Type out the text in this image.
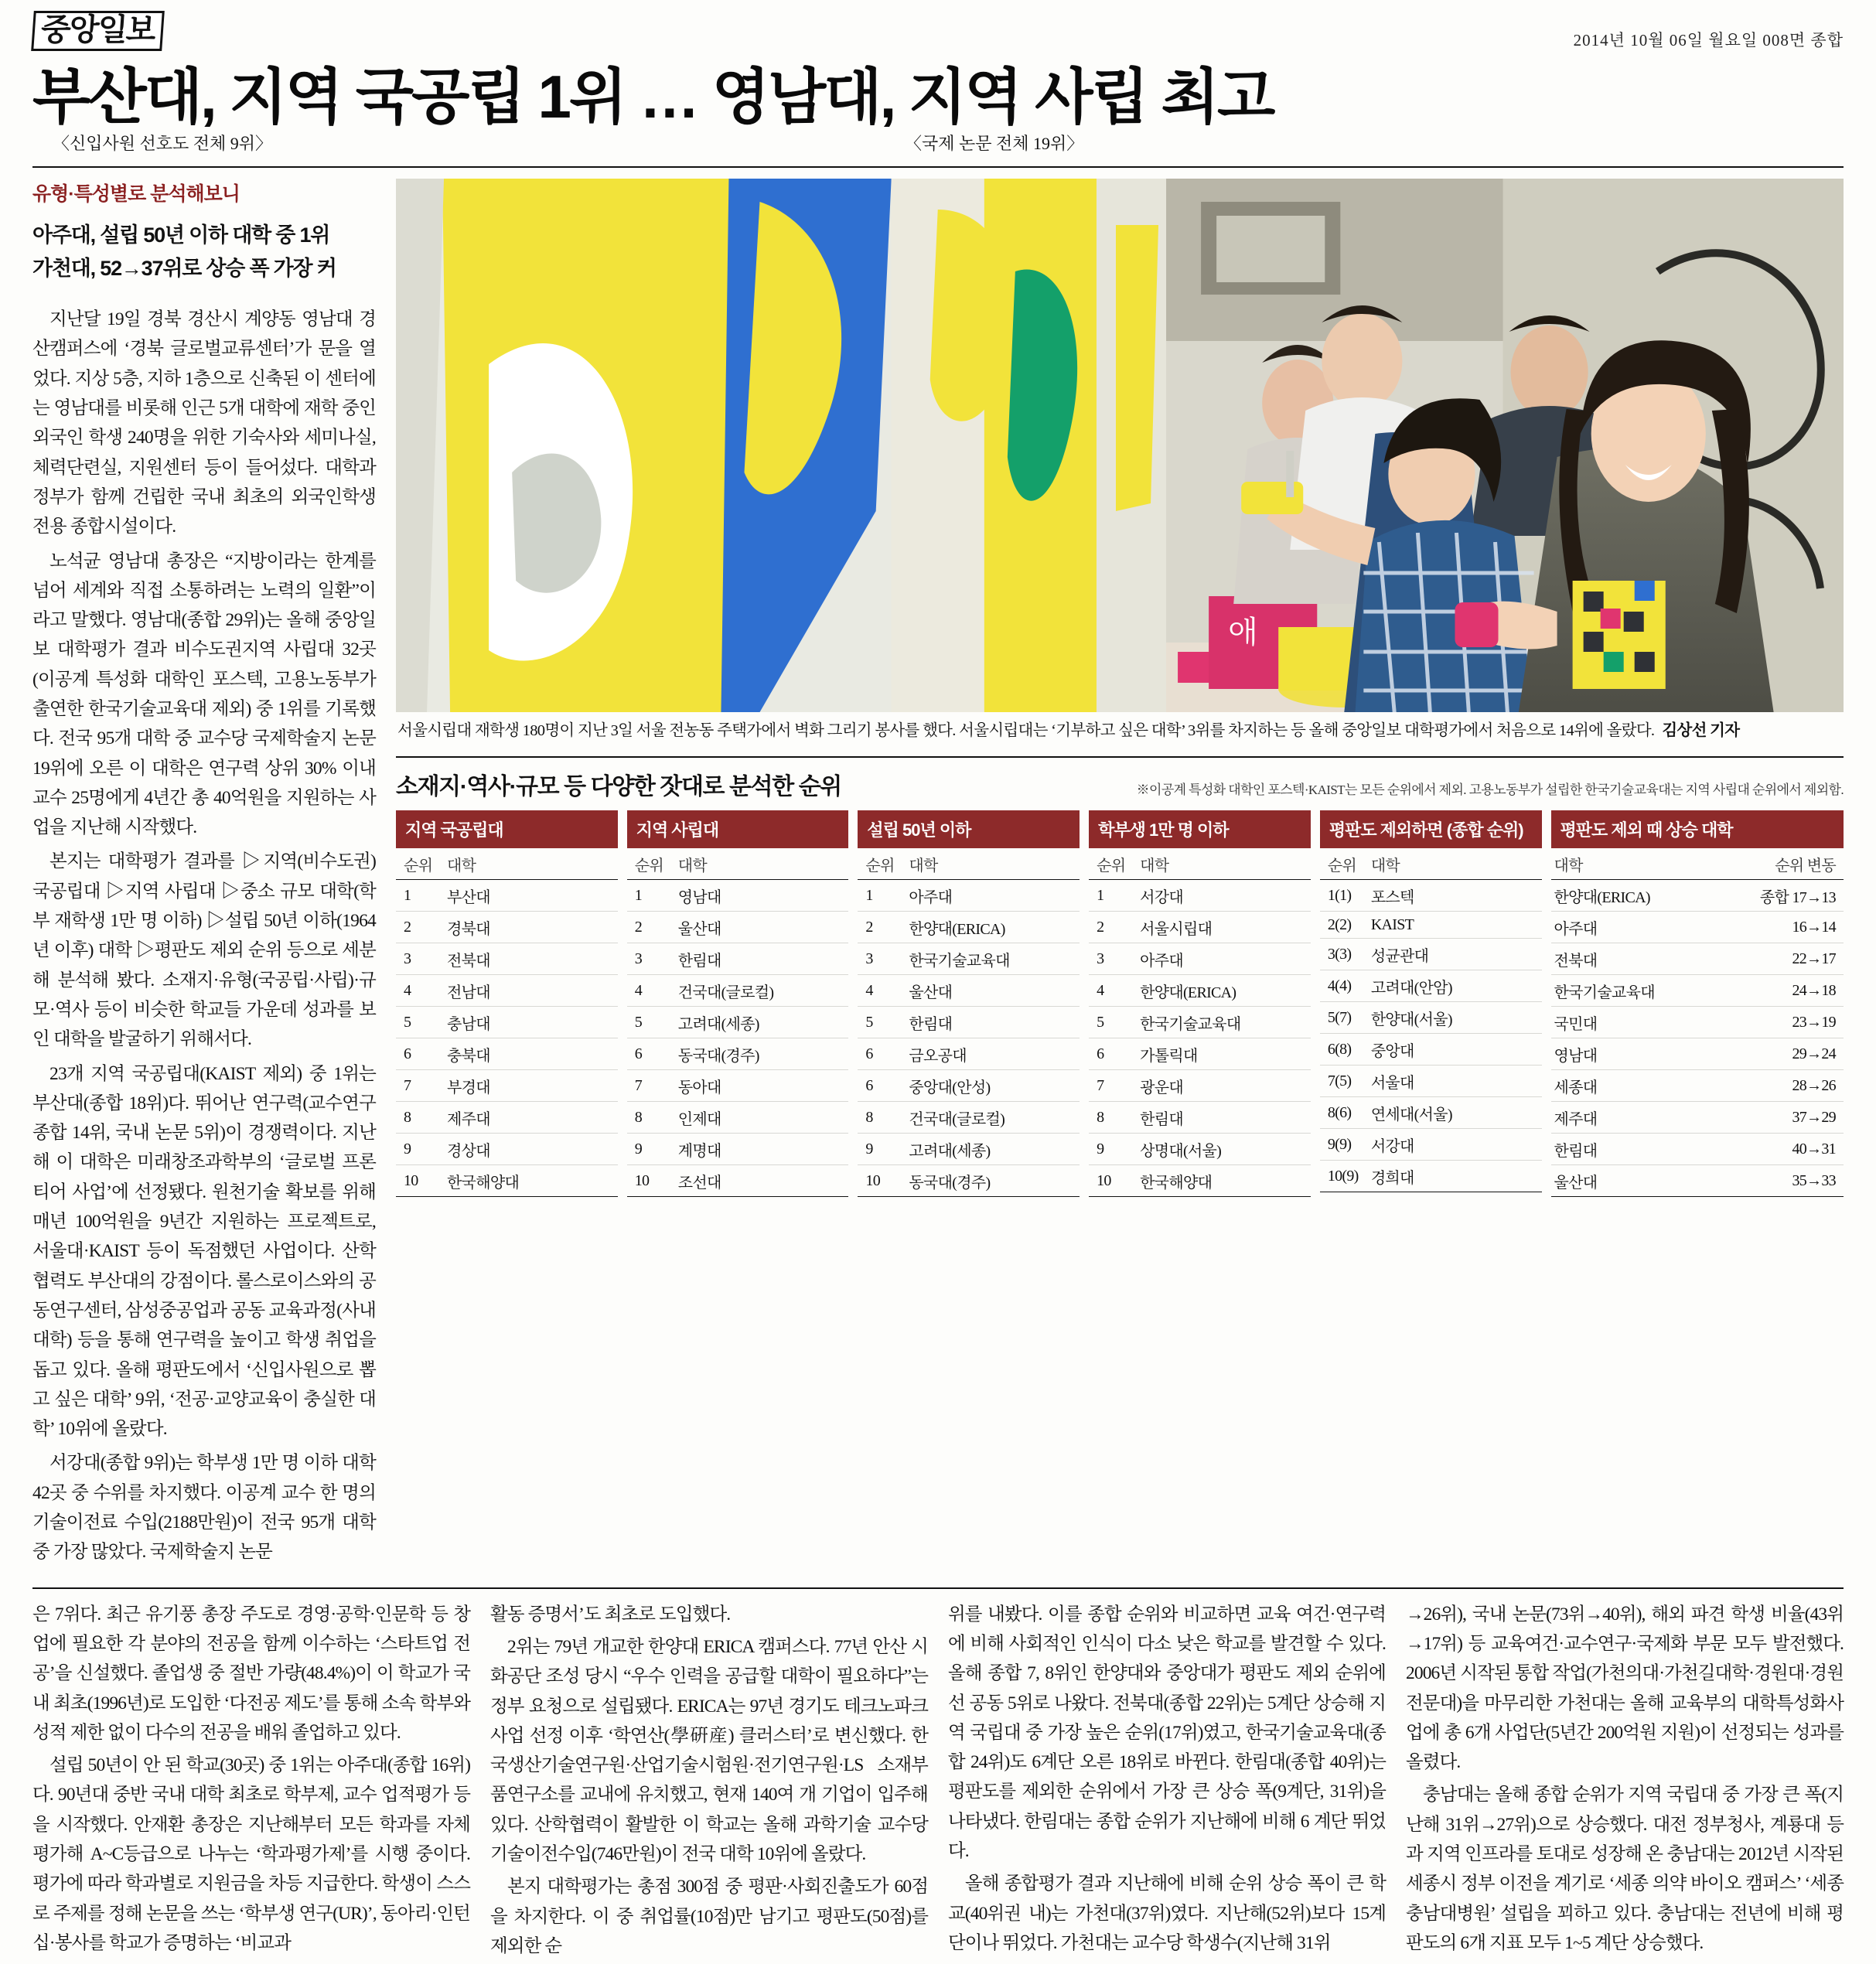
중앙일보	2014년 10월 06일 월요일 008면 종합
부산대, 지역 국공립 1위 … 영남대, 지역 사립 최고
〈신입사원 선호도 전체 9위〉	〈국제 논문 전체 19위〉
유형·특성별로 분석해보니
아주대, 설립 50년 이하 대학 중 1위
가천대, 52→37위로 상승 폭 가장 커

지난달 19일 경북 경산시 계양동 영남대 경산캠퍼스에 ‘경북 글로벌교류센터’가 문을 열었다. 지상 5층, 지하 1층으로 신축된 이 센터에는 영남대를 비롯해 인근 5개 대학에 재학 중인 외국인 학생 240명을 위한 기숙사와 세미나실, 체력단련실, 지원센터 등이 들어섰다. 대학과 정부가 함께 건립한 국내 최초의 외국인학생 전용 종합시설이다.

노석균 영남대 총장은 “지방이라는 한계를 넘어 세계와 직접 소통하려는 노력의 일환”이라고 말했다. 영남대(종합 29위)는 올해 중앙일보 대학평가 결과 비수도권지역 사립대 32곳(이공계 특성화 대학인 포스텍, 고용노동부가 출연한 한국기술교육대 제외) 중 1위를 기록했다. 전국 95개 대학 중 교수당 국제학술지 논문 19위에 오른 이 대학은 연구력 상위 30% 이내 교수 25명에게 4년간 총 40억원을 지원하는 사업을 지난해 시작했다.

본지는 대학평가 결과를 ▷지역(비수도권) 국공립대 ▷지역 사립대 ▷중소 규모 대학(학부 재학생 1만 명 이하) ▷설립 50년 이하(1964년 이후) 대학 ▷평판도 제외 순위 등으로 세분해 분석해 봤다. 소재지·유형(국공립·사립)·규모·역사 등이 비슷한 학교들 가운데 성과를 보인 대학을 발굴하기 위해서다.

23개 지역 국공립대(KAIST 제외) 중 1위는 부산대(종합 18위)다. 뛰어난 연구력(교수연구 종합 14위, 국내 논문 5위)이 경쟁력이다. 지난해 이 대학은 미래창조과학부의 ‘글로벌 프론티어 사업’에 선정됐다. 원천기술 확보를 위해 매년 100억원을 9년간 지원하는 프로젝트로, 서울대·KAIST 등이 독점했던 사업이다. 산학협력도 부산대의 강점이다. 롤스로이스와의 공동연구센터, 삼성중공업과 공동 교육과정(사내 대학) 등을 통해 연구력을 높이고 학생 취업을 돕고 있다. 올해 평판도에서 ‘신입사원으로 뽑고 싶은 대학’ 9위, ‘전공·교양교육이 충실한 대학’ 10위에 올랐다.

서강대(종합 9위)는 학부생 1만 명 이하 대학 42곳 중 수위를 차지했다. 이공계 교수 한 명의 기술이전료 수입(2188만원)이 전국 95개 대학 중 가장 많았다. 국제학술지 논문

애
서울시립대 재학생 180명이 지난 3일 서울 전농동 주택가에서 벽화 그리기 봉사를 했다. 서울시립대는 ‘기부하고 싶은 대학’ 3위를 차지하는 등 올해 중앙일보 대학평가에서 처음으로 14위에 올랐다. 김상선 기자
소재지·역사·규모 등 다양한 잣대로 분석한 순위	※이공계 특성화 대학인 포스텍·KAIST는 모든 순위에서 제외. 고용노동부가 설립한 한국기술교육대는 지역 사립대 순위에서 제외함.
지역 국공립대
순위	대학
1	부산대
2	경북대
3	전북대
4	전남대
5	충남대
6	충북대
7	부경대
8	제주대
9	경상대
10	한국해양대
지역 사립대
순위	대학
1	영남대
2	울산대
3	한림대
4	건국대(글로컬)
5	고려대(세종)
6	동국대(경주)
7	동아대
8	인제대
9	계명대
10	조선대
설립 50년 이하
순위	대학
1	아주대
2	한양대(ERICA)
3	한국기술교육대
4	울산대
5	한림대
6	금오공대
6	중앙대(안성)
8	건국대(글로컬)
9	고려대(세종)
10	동국대(경주)
학부생 1만 명 이하
순위	대학
1	서강대
2	서울시립대
3	아주대
4	한양대(ERICA)
5	한국기술교육대
6	가톨릭대
7	광운대
8	한림대
9	상명대(서울)
10	한국해양대
평판도 제외하면 (종합 순위)
순위	대학
1(1)	포스텍
2(2)	KAIST
3(3)	성균관대
4(4)	고려대(안암)
5(7)	한양대(서울)
6(8)	중앙대
7(5)	서울대
8(6)	연세대(서울)
9(9)	서강대
10(9)	경희대
평판도 제외 때 상승 대학
대학	순위 변동
한양대(ERICA)	종합 17→13
아주대	16→14
전북대	22→17
한국기술교육대	24→18
국민대	23→19
영남대	29→24
세종대	28→26
제주대	37→29
한림대	40→31
울산대	35→33

은 7위다. 최근 유기풍 총장 주도로 경영·공학·인문학 등 창업에 필요한 각 분야의 전공을 함께 이수하는 ‘스타트업 전공’을 신설했다. 졸업생 중 절반 가량(48.4%)이 이 학교가 국내 최초(1996년)로 도입한 ‘다전공 제도’를 통해 소속 학부와 성적 제한 없이 다수의 전공을 배워 졸업하고 있다.

설립 50년이 안 된 학교(30곳) 중 1위는 아주대(종합 16위)다. 90년대 중반 국내 대학 최초로 학부제, 교수 업적평가 등을 시작했다. 안재환 총장은 지난해부터 모든 학과를 자체 평가해 A~C등급으로 나누는 ‘학과평가제’를 시행 중이다. 평가에 따라 학과별로 지원금을 차등 지급한다. 학생이 스스로 주제를 정해 논문을 쓰는 ‘학부생 연구(UR)’, 동아리·인턴십·봉사를 학교가 증명하는 ‘비교과

활동 증명서’도 최초로 도입했다.

2위는 79년 개교한 한양대 ERICA 캠퍼스다. 77년 안산 시화공단 조성 당시 “우수 인력을 공급할 대학이 필요하다”는 정부 요청으로 설립됐다. ERICA는 97년 경기도 테크노파크 사업 선정 이후 ‘학연산(學硏産) 클러스터’로 변신했다. 한국생산기술연구원·산업기술시험원·전기연구원·LS 소재부품연구소를 교내에 유치했고, 현재 140여 개 기업이 입주해 있다. 산학협력이 활발한 이 학교는 올해 과학기술 교수당 기술이전수입(746만원)이 전국 대학 10위에 올랐다.

본지 대학평가는 총점 300점 중 평판·사회진출도가 60점을 차지한다. 이 중 취업률(10점)만 남기고 평판도(50점)를 제외한 순

위를 내봤다. 이를 종합 순위와 비교하면 교육 여건·연구력에 비해 사회적인 인식이 다소 낮은 학교를 발견할 수 있다. 올해 종합 7, 8위인 한양대와 중앙대가 평판도 제외 순위에선 공동 5위로 나왔다. 전북대(종합 22위)는 5계단 상승해 지역 국립대 중 가장 높은 순위(17위)였고, 한국기술교육대(종합 24위)도 6계단 오른 18위로 바뀐다. 한림대(종합 40위)는 평판도를 제외한 순위에서 가장 큰 상승 폭(9계단, 31위)을 나타냈다. 한림대는 종합 순위가 지난해에 비해 6 계단 뛰었다.

올해 종합평가 결과 지난해에 비해 순위 상승 폭이 큰 학교(40위권 내)는 가천대(37위)였다. 지난해(52위)보다 15계단이나 뛰었다. 가천대는 교수당 학생수(지난해 31위

→26위), 국내 논문(73위→40위), 해외 파견 학생 비율(43위→17위) 등 교육여건·교수연구·국제화 부문 모두 발전했다. 2006년 시작된 통합 작업(가천의대·가천길대학·경원대·경원전문대)을 마무리한 가천대는 올해 교육부의 대학특성화사업에 총 6개 사업단(5년간 200억원 지원)이 선정되는 성과를 올렸다.

충남대는 올해 종합 순위가 지역 국립대 중 가장 큰 폭(지난해 31위→27위)으로 상승했다. 대전 정부청사, 계룡대 등과 지역 인프라를 토대로 성장해 온 충남대는 2012년 시작된 세종시 정부 이전을 계기로 ‘세종 의약 바이오 캠퍼스’ ‘세종 충남대병원’ 설립을 꾀하고 있다. 충남대는 전년에 비해 평판도의 6개 지표 모두 1~5 계단 상승했다.
